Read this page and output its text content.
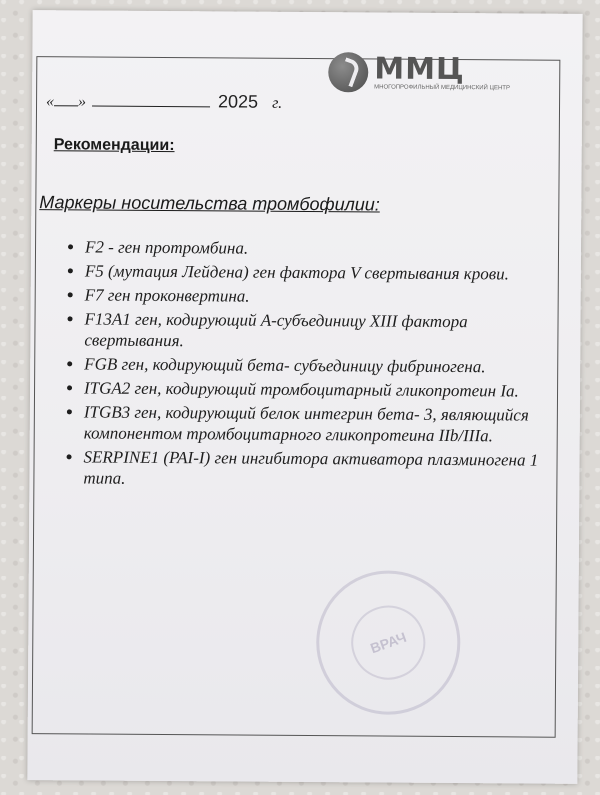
ММЦ
МНОГОПРОФИЛЬНЫЙ МЕДИЦИНСКИЙ ЦЕНТР
« »	2025 г.
Рекомендации:
Маркеры носительства тромбофилии:
• F2 - ген протромбина.
• F5 (мутация Лейдена) ген фактора V свертывания крови.
• F7 ген проконвертина.
• F13A1 ген, кодирующий А-субъединицу XIII фактора свертывания.
• FGB ген, кодирующий бета- субъединицу фибриногена.
• ITGA2 ген, кодирующий тромбоцитарный гликопротеин Ia.
• ITGB3 ген, кодирующий белок интегрин бета- 3, являющийся компонентом тромбоцитарного гликопротеина IIb/IIIa.
• SERPINE1 (PAI-I) ген ингибитора активатора плазминогена 1 типа.
ВРАЧ
